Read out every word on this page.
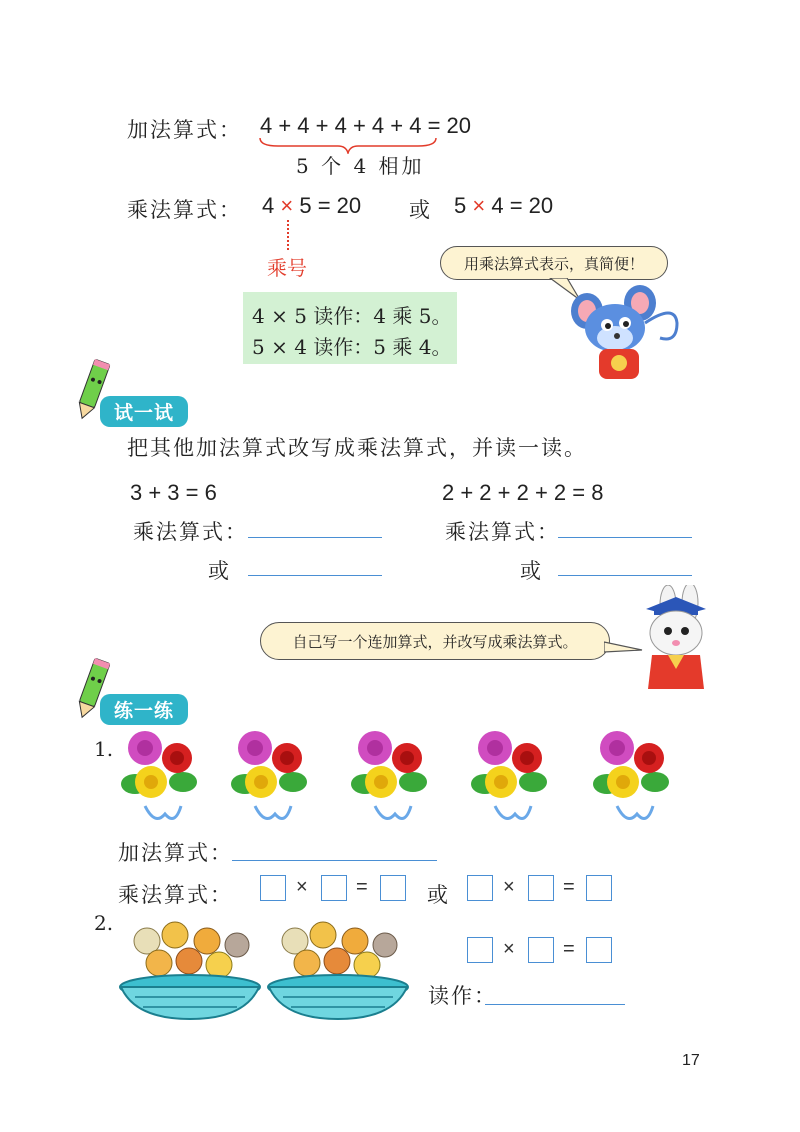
加法算式： 4 + 4 + 4 + 4 + 4 = 20
5 个 4 相加
乘法算式： 4 × 5 = 20 或 5 × 4 = 20
乘号	用乘法算式表示，真简便！
4 × 5 读作：4 乘 5。
5 × 4 读作：5 乘 4。
试一试
把其他加法算式改写成乘法算式，并读一读。
3 + 3 = 6	2 + 2 + 2 + 2 = 8
乘法算式：	乘法算式：
或	或
自己写一个连加算式，并改写成乘法算式。
练一练
1.
加法算式：
乘法算式：	× =	或	× =
2.
× =
读作：
17
